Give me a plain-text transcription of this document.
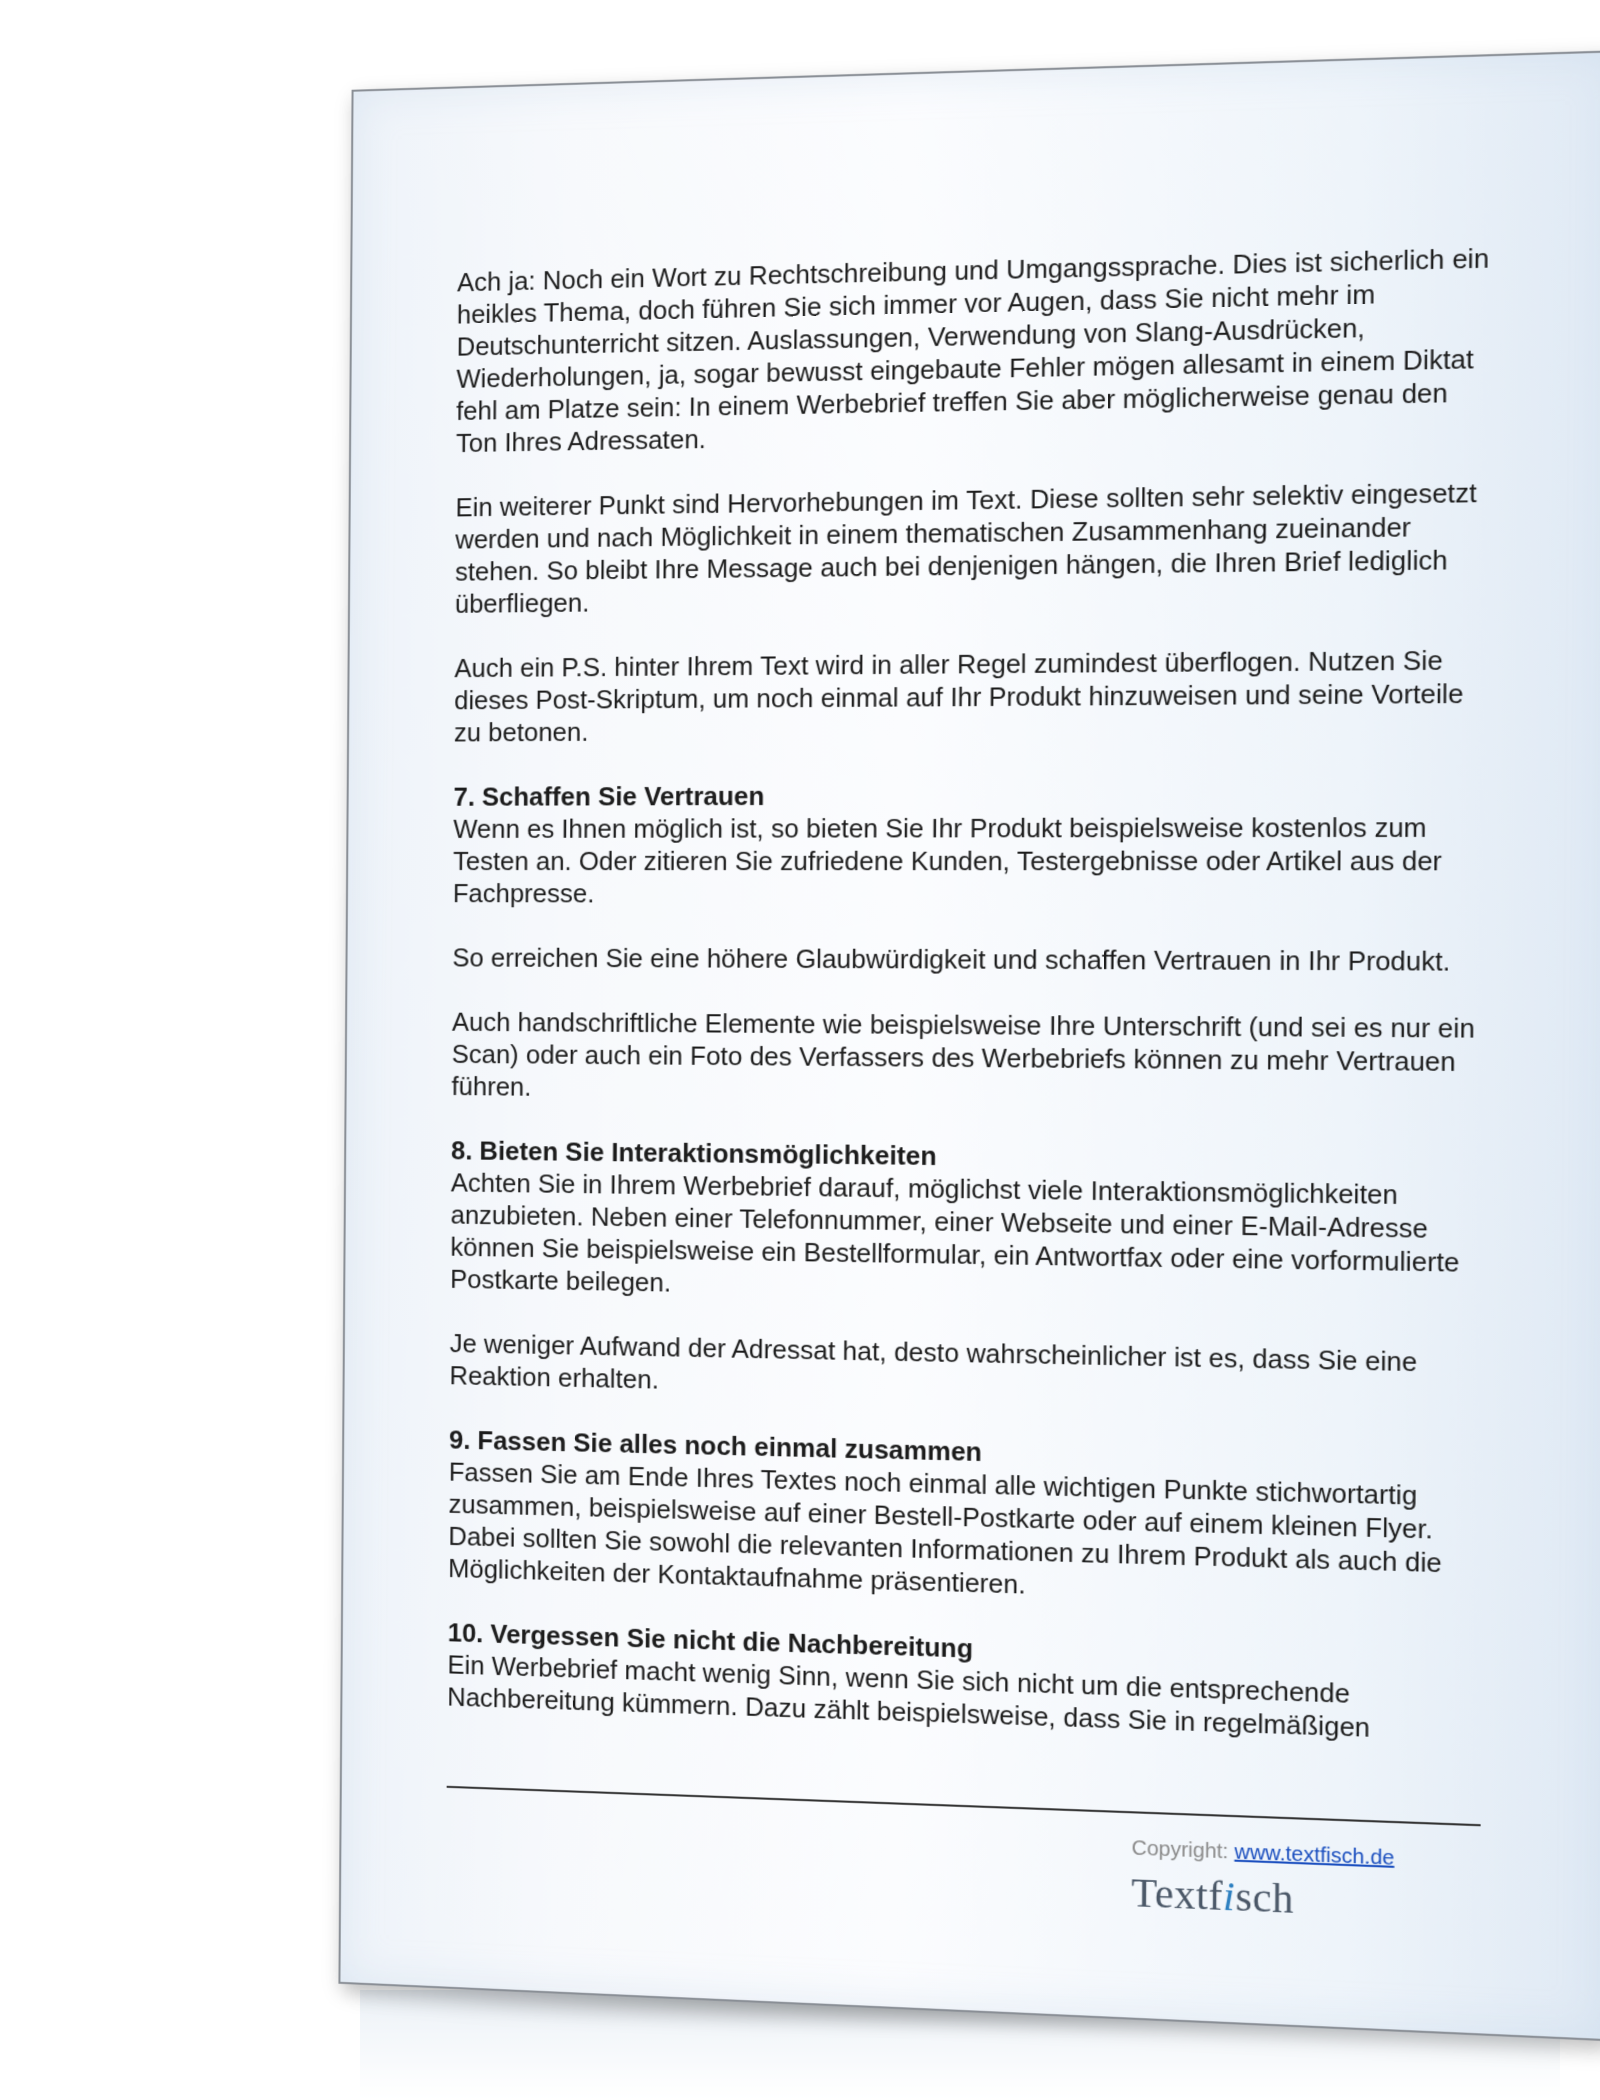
Ach ja: Noch ein Wort zu Rechtschreibung und Umgangssprache. Dies ist sicherlich ein heikles Thema, doch führen Sie sich immer vor Augen, dass Sie nicht mehr im Deutschunterricht sitzen. Auslassungen, Verwendung von Slang-Ausdrücken, Wiederholungen, ja, sogar bewusst eingebaute Fehler mögen allesamt in einem Diktat fehl am Platze sein: In einem Werbebrief treffen Sie aber möglicherweise genau den Ton Ihres Adressaten.

Ein weiterer Punkt sind Hervorhebungen im Text. Diese sollten sehr selektiv eingesetzt werden und nach Möglichkeit in einem thematischen Zusammenhang zueinander stehen. So bleibt Ihre Message auch bei denjenigen hängen, die Ihren Brief lediglich überfliegen.

Auch ein P.S. hinter Ihrem Text wird in aller Regel zumindest überflogen. Nutzen Sie dieses Post-Skriptum, um noch einmal auf Ihr Produkt hinzuweisen und seine Vorteile zu betonen.

7. Schaffen Sie Vertrauen

Wenn es Ihnen möglich ist, so bieten Sie Ihr Produkt beispielsweise kostenlos zum Testen an. Oder zitieren Sie zufriedene Kunden, Testergebnisse oder Artikel aus der Fachpresse.

So erreichen Sie eine höhere Glaubwürdigkeit und schaffen Vertrauen in Ihr Produkt.

Auch handschriftliche Elemente wie beispielsweise Ihre Unterschrift (und sei es nur ein Scan) oder auch ein Foto des Verfassers des Werbebriefs können zu mehr Vertrauen führen.

8. Bieten Sie Interaktionsmöglichkeiten

Achten Sie in Ihrem Werbebrief darauf, möglichst viele Interaktionsmöglichkeiten anzubieten. Neben einer Telefonnummer, einer Webseite und einer E-Mail-Adresse können Sie beispielsweise ein Bestellformular, ein Antwortfax oder eine vorformulierte Postkarte beilegen.

Je weniger Aufwand der Adressat hat, desto wahrscheinlicher ist es, dass Sie eine Reaktion erhalten.

9. Fassen Sie alles noch einmal zusammen

Fassen Sie am Ende Ihres Textes noch einmal alle wichtigen Punkte stichwortartig zusammen, beispielsweise auf einer Bestell-Postkarte oder auf einem kleinen Flyer. Dabei sollten Sie sowohl die relevanten Informationen zu Ihrem Produkt als auch die Möglichkeiten der Kontaktaufnahme präsentieren.

10. Vergessen Sie nicht die Nachbereitung

Ein Werbebrief macht wenig Sinn, wenn Sie sich nicht um die entsprechende Nachbereitung kümmern. Dazu zählt beispielsweise, dass Sie in regelmäßigen

Copyright: www.textfisch.de
Textfisch
